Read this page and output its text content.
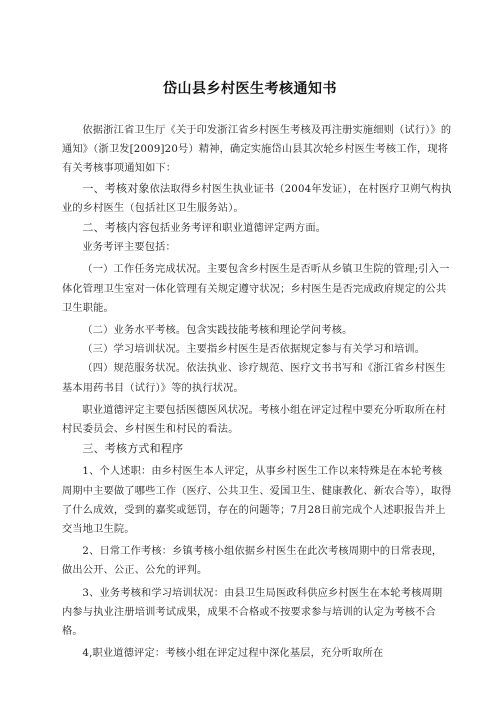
岱山县乡村医生考核通知书

依据浙江省卫生厅《关于印发浙江省乡村医生考核及再注册实施细则（试行）》的通知》（浙卫发[2009]20号）精神，确定实施岱山县其次轮乡村医生考核工作，现将有关考核事项通知如下：

一、考核对象依法取得乡村医生执业证书（2004年发证），在村医疗卫朔气构执业的乡村医生（包括社区卫生服务站）。

二、考核内容包括业务考评和职业道德评定两方面。

业务考评主要包括：

（一）工作任务完成状况。主要包含乡村医生是否听从乡镇卫生院的管理;引入一体化管理卫生室对一体化管理有关规定遵守状况；乡村医生是否完成政府规定的公共卫生职能。

（二）业务水平考核。包含实践技能考核和理论学问考核。

（三）学习培训状况。主要指乡村医生是否依据规定参与有关学习和培训。

（四）规范服务状况。依法执业、诊疗规范、医疗文书书写和《浙江省乡村医生基本用药书目（试行）》等的执行状况。

职业道德评定主要包括医德医风状况。考核小组在评定过程中要充分听取所在村村民委员会、乡村医生和村民的看法。

三、考核方式和程序

1、个人述职：由乡村医生本人评定，从事乡村医生工作以来特殊是在本轮考核周期中主要做了哪些工作（医疗、公共卫生、爱国卫生、健康教化、新农合等），取得了什么成效，受到的嘉奖或惩罚，存在的问题等；7月28日前完成个人述职报告并上交当地卫生院。

2、日常工作考核：乡镇考核小组依据乡村医生在此次考核周期中的日常表现，做出公开、公正、公允的评判。

3、业务考核和学习培训状况：由县卫生局医政科供应乡村医生在本轮考核周期内参与执业注册培训考试成果，成果不合格或不按要求参与培训的认定为考核不合格。

4,职业道德评定：考核小组在评定过程中深化基层，充分听取所在
